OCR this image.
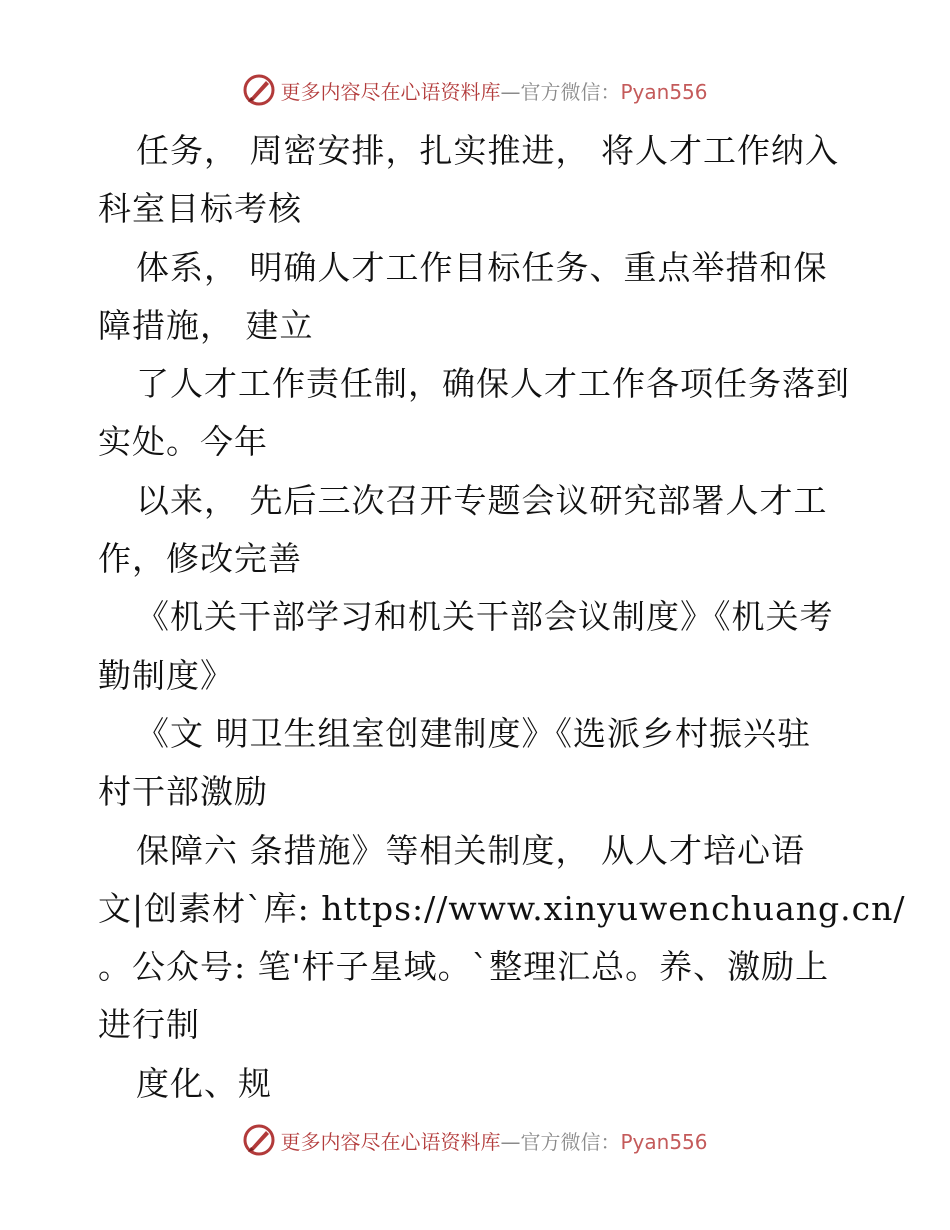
更多内容尽在心语资料库—官方微信：Pyan556
任务， 周密安排，扎实推进， 将人才工作纳入
科室目标考核
体系， 明确人才工作目标任务、重点举措和保
障措施， 建立
了人才工作责任制，确保人才工作各项任务落到
实处。今年
以来， 先后三次召开专题会议研究部署人才工
作，修改完善
《机关干部学习和机关干部会议制度》《机关考
勤制度》
《文 明卫生组室创建制度》《选派乡村振兴驻
村干部激励
保障六 条措施》等相关制度， 从人才培心语
文|创素材`库: https://www.xinyuwenchuang.cn/
。公众号: 笔'杆子星域。`整理汇总。养、激励上
进行制
度化、规
更多内容尽在心语资料库—官方微信：Pyan556
